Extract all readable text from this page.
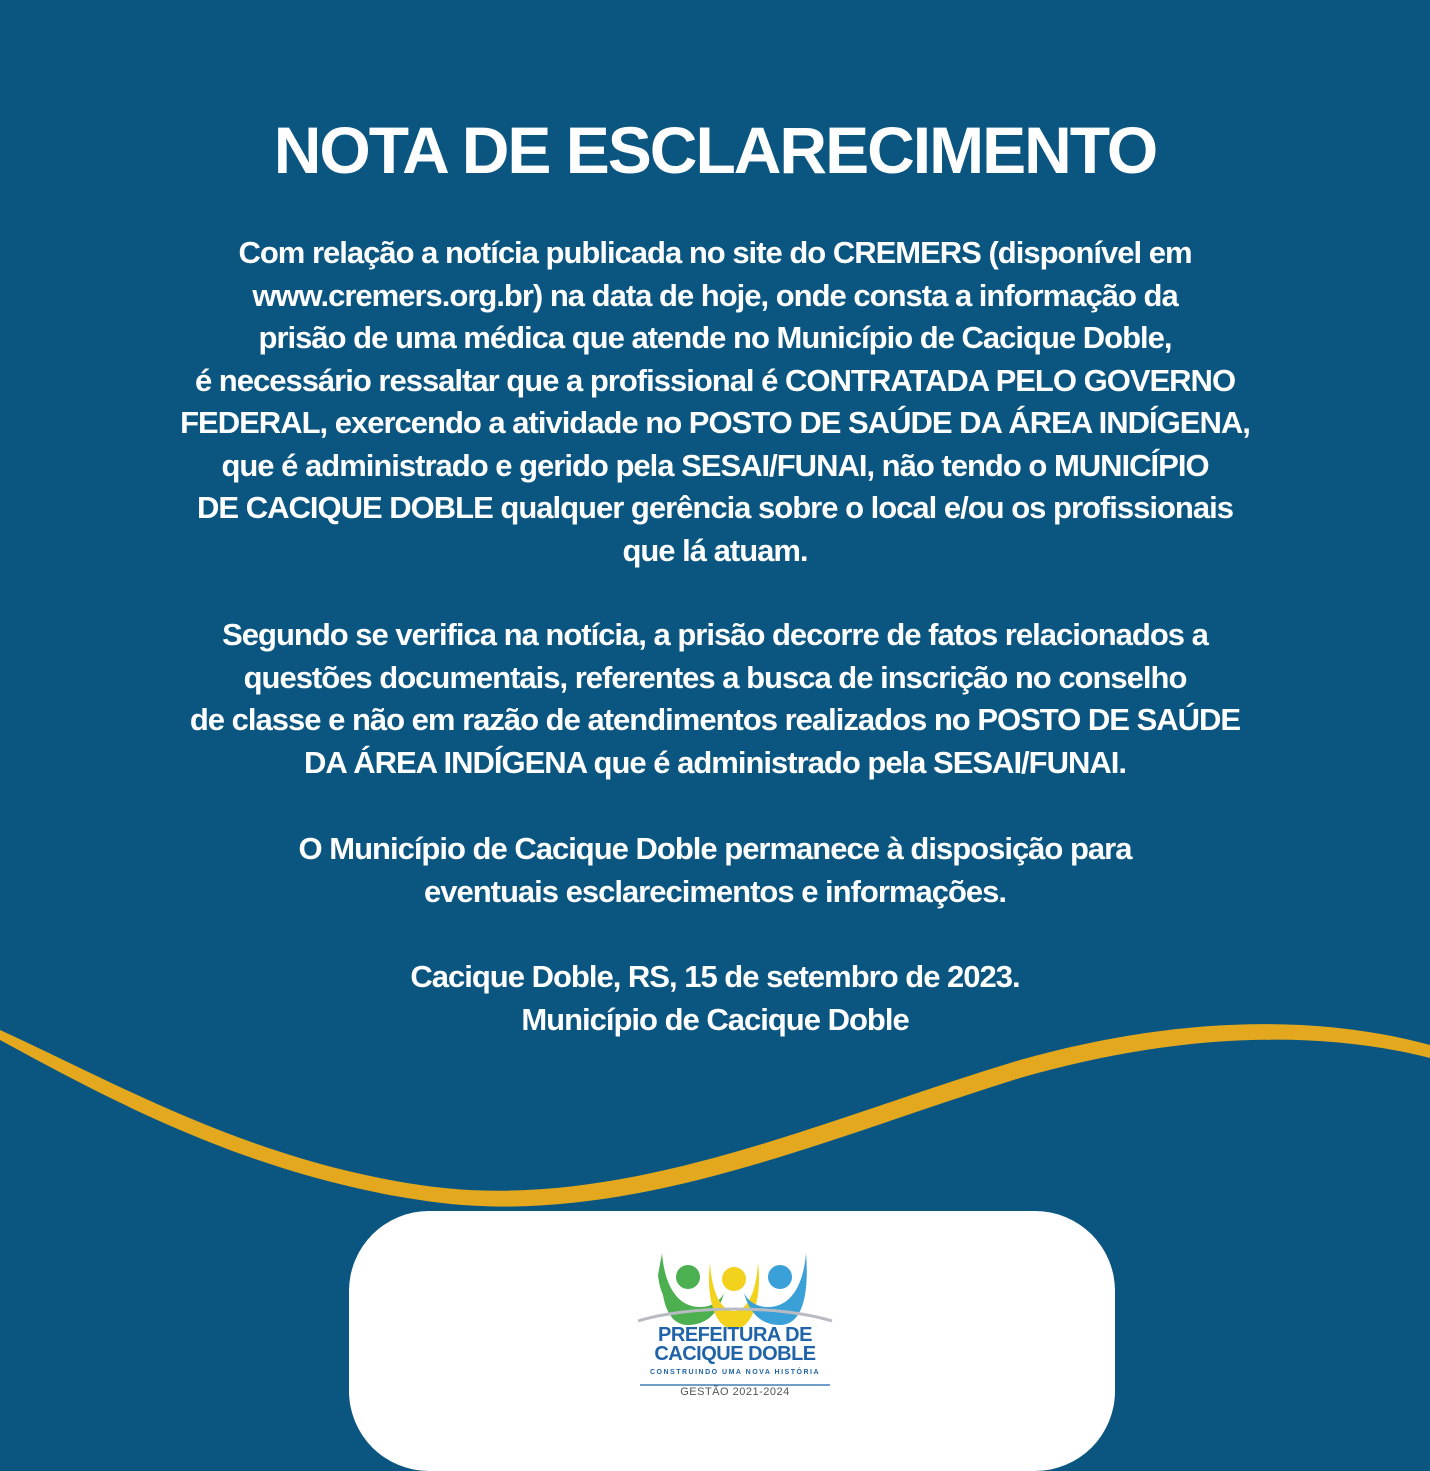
NOTA DE ESCLARECIMENTO
Com relação a notícia publicada no site do CREMERS (disponível em
www.cremers.org.br) na data de hoje, onde consta a informação da
prisão de uma médica que atende no Município de Cacique Doble,
é necessário ressaltar que a profissional é CONTRATADA PELO GOVERNO
FEDERAL, exercendo a atividade no POSTO DE SAÚDE DA ÁREA INDÍGENA,
que é administrado e gerido pela SESAI/FUNAI, não tendo o MUNICÍPIO
DE CACIQUE DOBLE qualquer gerência sobre o local e/ou os profissionais
que lá atuam.
Segundo se verifica na notícia, a prisão decorre de fatos relacionados a
questões documentais, referentes a busca de inscrição no conselho
de classe e não em razão de atendimentos realizados no POSTO DE SAÚDE
DA ÁREA INDÍGENA que é administrado pela SESAI/FUNAI.
O Município de Cacique Doble permanece à disposição para
eventuais esclarecimentos e informações.
Cacique Doble, RS, 15 de setembro de 2023.
Município de Cacique Doble
PREFEITURA DE
CACIQUE DOBLE
CONSTRUINDO UMA NOVA HISTÓRIA
GESTÃO 2021-2024
